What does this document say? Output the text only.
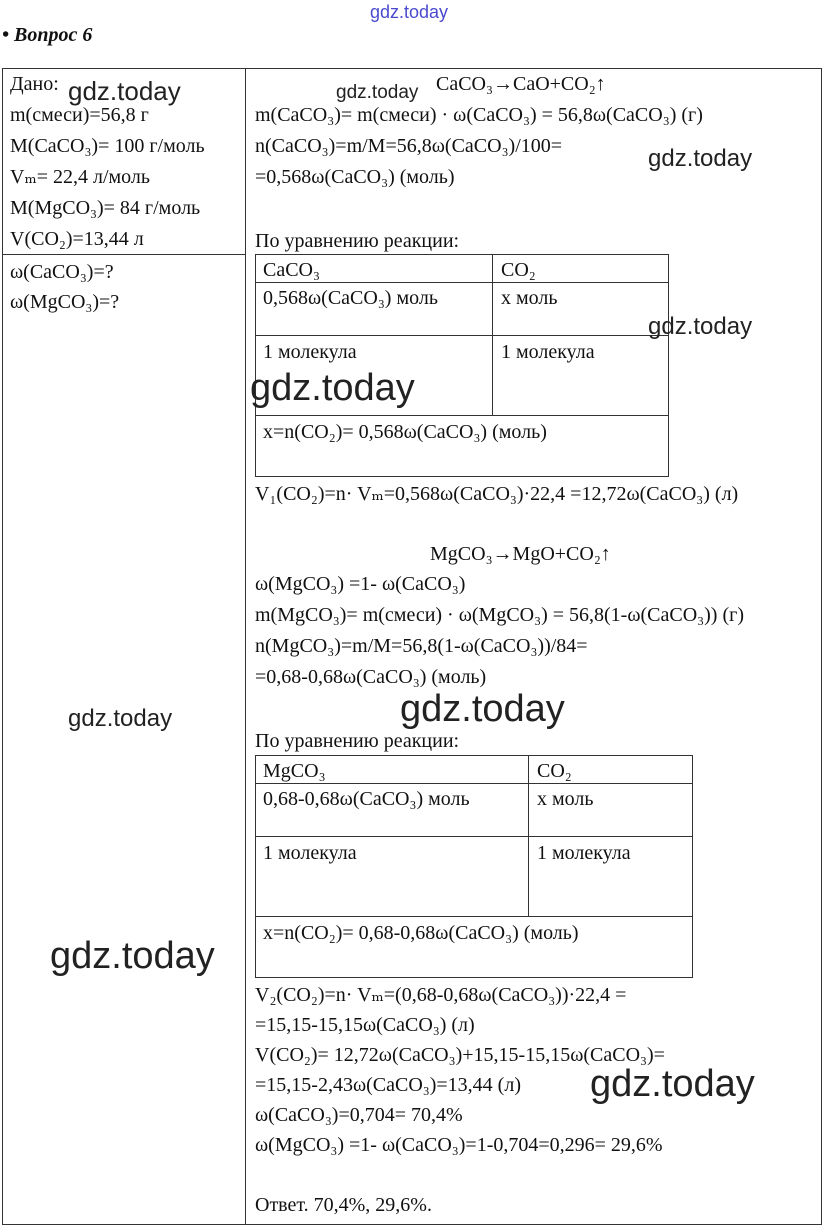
gdz.today
• Вопрос 6
Дано:
m(смеси)=56,8 г
M(CaCO₃)= 100 г/моль
Vₘ= 22,4 л/моль
M(MgCO₃)= 84 г/моль
V(CO₂)=13,44 л
ω(CaCO₃)=?
ω(MgCO₃)=?
CaCO₃→CaO+CO₂↑
m(CaCO₃)= m(смеси) · ω(CaCO₃) = 56,8ω(CaCO₃) (г)
n(CaCO₃)=m/M=56,8ω(CaCO₃)/100=
=0,568ω(CaCO₃) (моль)
По уравнению реакции:
CaCO₃	CO₂
0,568ω(CaCO₃) моль	x моль
1 молекула	1 молекула
x=n(CO₂)= 0,568ω(CaCO₃) (моль)
V₁(CO₂)=n· Vₘ=0,568ω(CaCO₃)·22,4 =12,72ω(CaCO₃) (л)
MgCO₃→MgO+CO₂↑
ω(MgCO₃) =1- ω(CaCO₃)
m(MgCO₃)= m(смеси) · ω(MgCO₃) = 56,8(1-ω(CaCO₃)) (г)
n(MgCO₃)=m/M=56,8(1-ω(CaCO₃))/84=
=0,68-0,68ω(CaCO₃) (моль)
По уравнению реакции:
MgCO₃	CO₂
0,68-0,68ω(CaCO₃) моль	x моль
1 молекула	1 молекула
x=n(CO₂)= 0,68-0,68ω(CaCO₃) (моль)
V₂(CO₂)=n· Vₘ=(0,68-0,68ω(CaCO₃))·22,4 =
=15,15-15,15ω(CaCO₃) (л)
V(CO₂)= 12,72ω(CaCO₃)+15,15-15,15ω(CaCO₃)=
=15,15-2,43ω(CaCO₃)=13,44 (л)
ω(CaCO₃)=0,704= 70,4%
ω(MgCO₃) =1- ω(CaCO₃)=1-0,704=0,296= 29,6%
Ответ. 70,4%, 29,6%.
gdz.today	gdz.today
gdz.today
gdz.today
gdz.today
gdz.today
gdz.today
gdz.today
gdz.today
